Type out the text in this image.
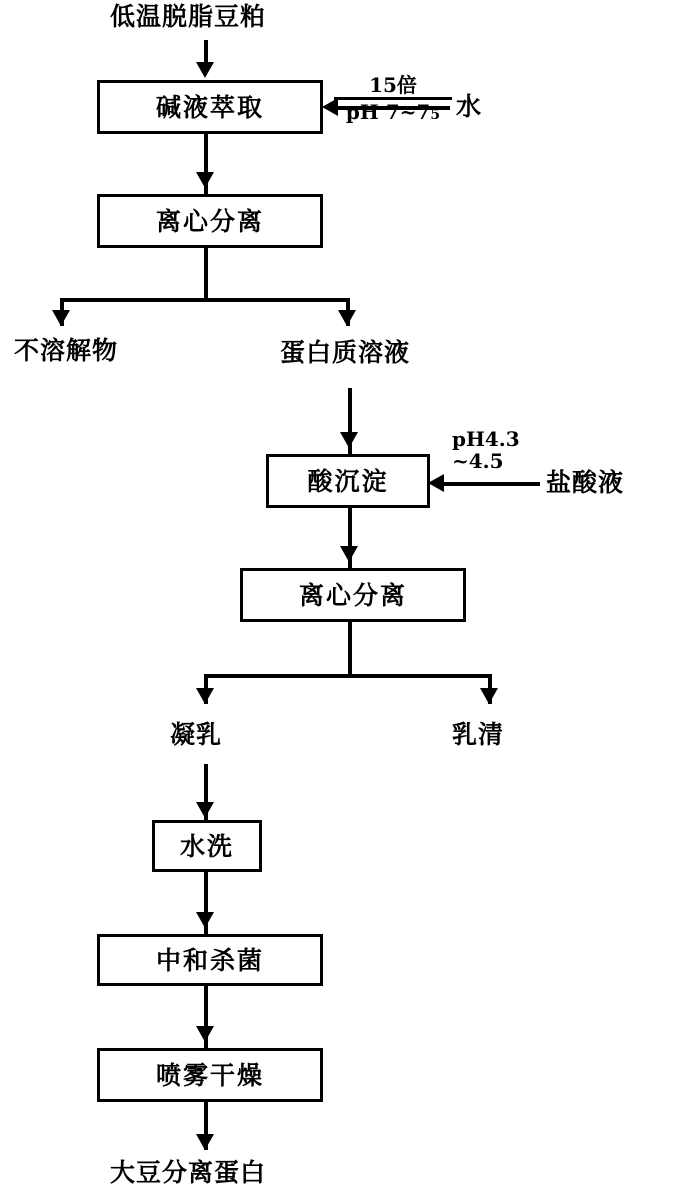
低温脱脂豆粕
碱液萃取
15倍
pH 7~75 水
离心分离
不溶解物	蛋白质溶液
酸沉淀
pH4.3
~4.5
盐酸液
离心分离
凝乳	乳清
水洗
中和杀菌
喷雾干燥
大豆分离蛋白
